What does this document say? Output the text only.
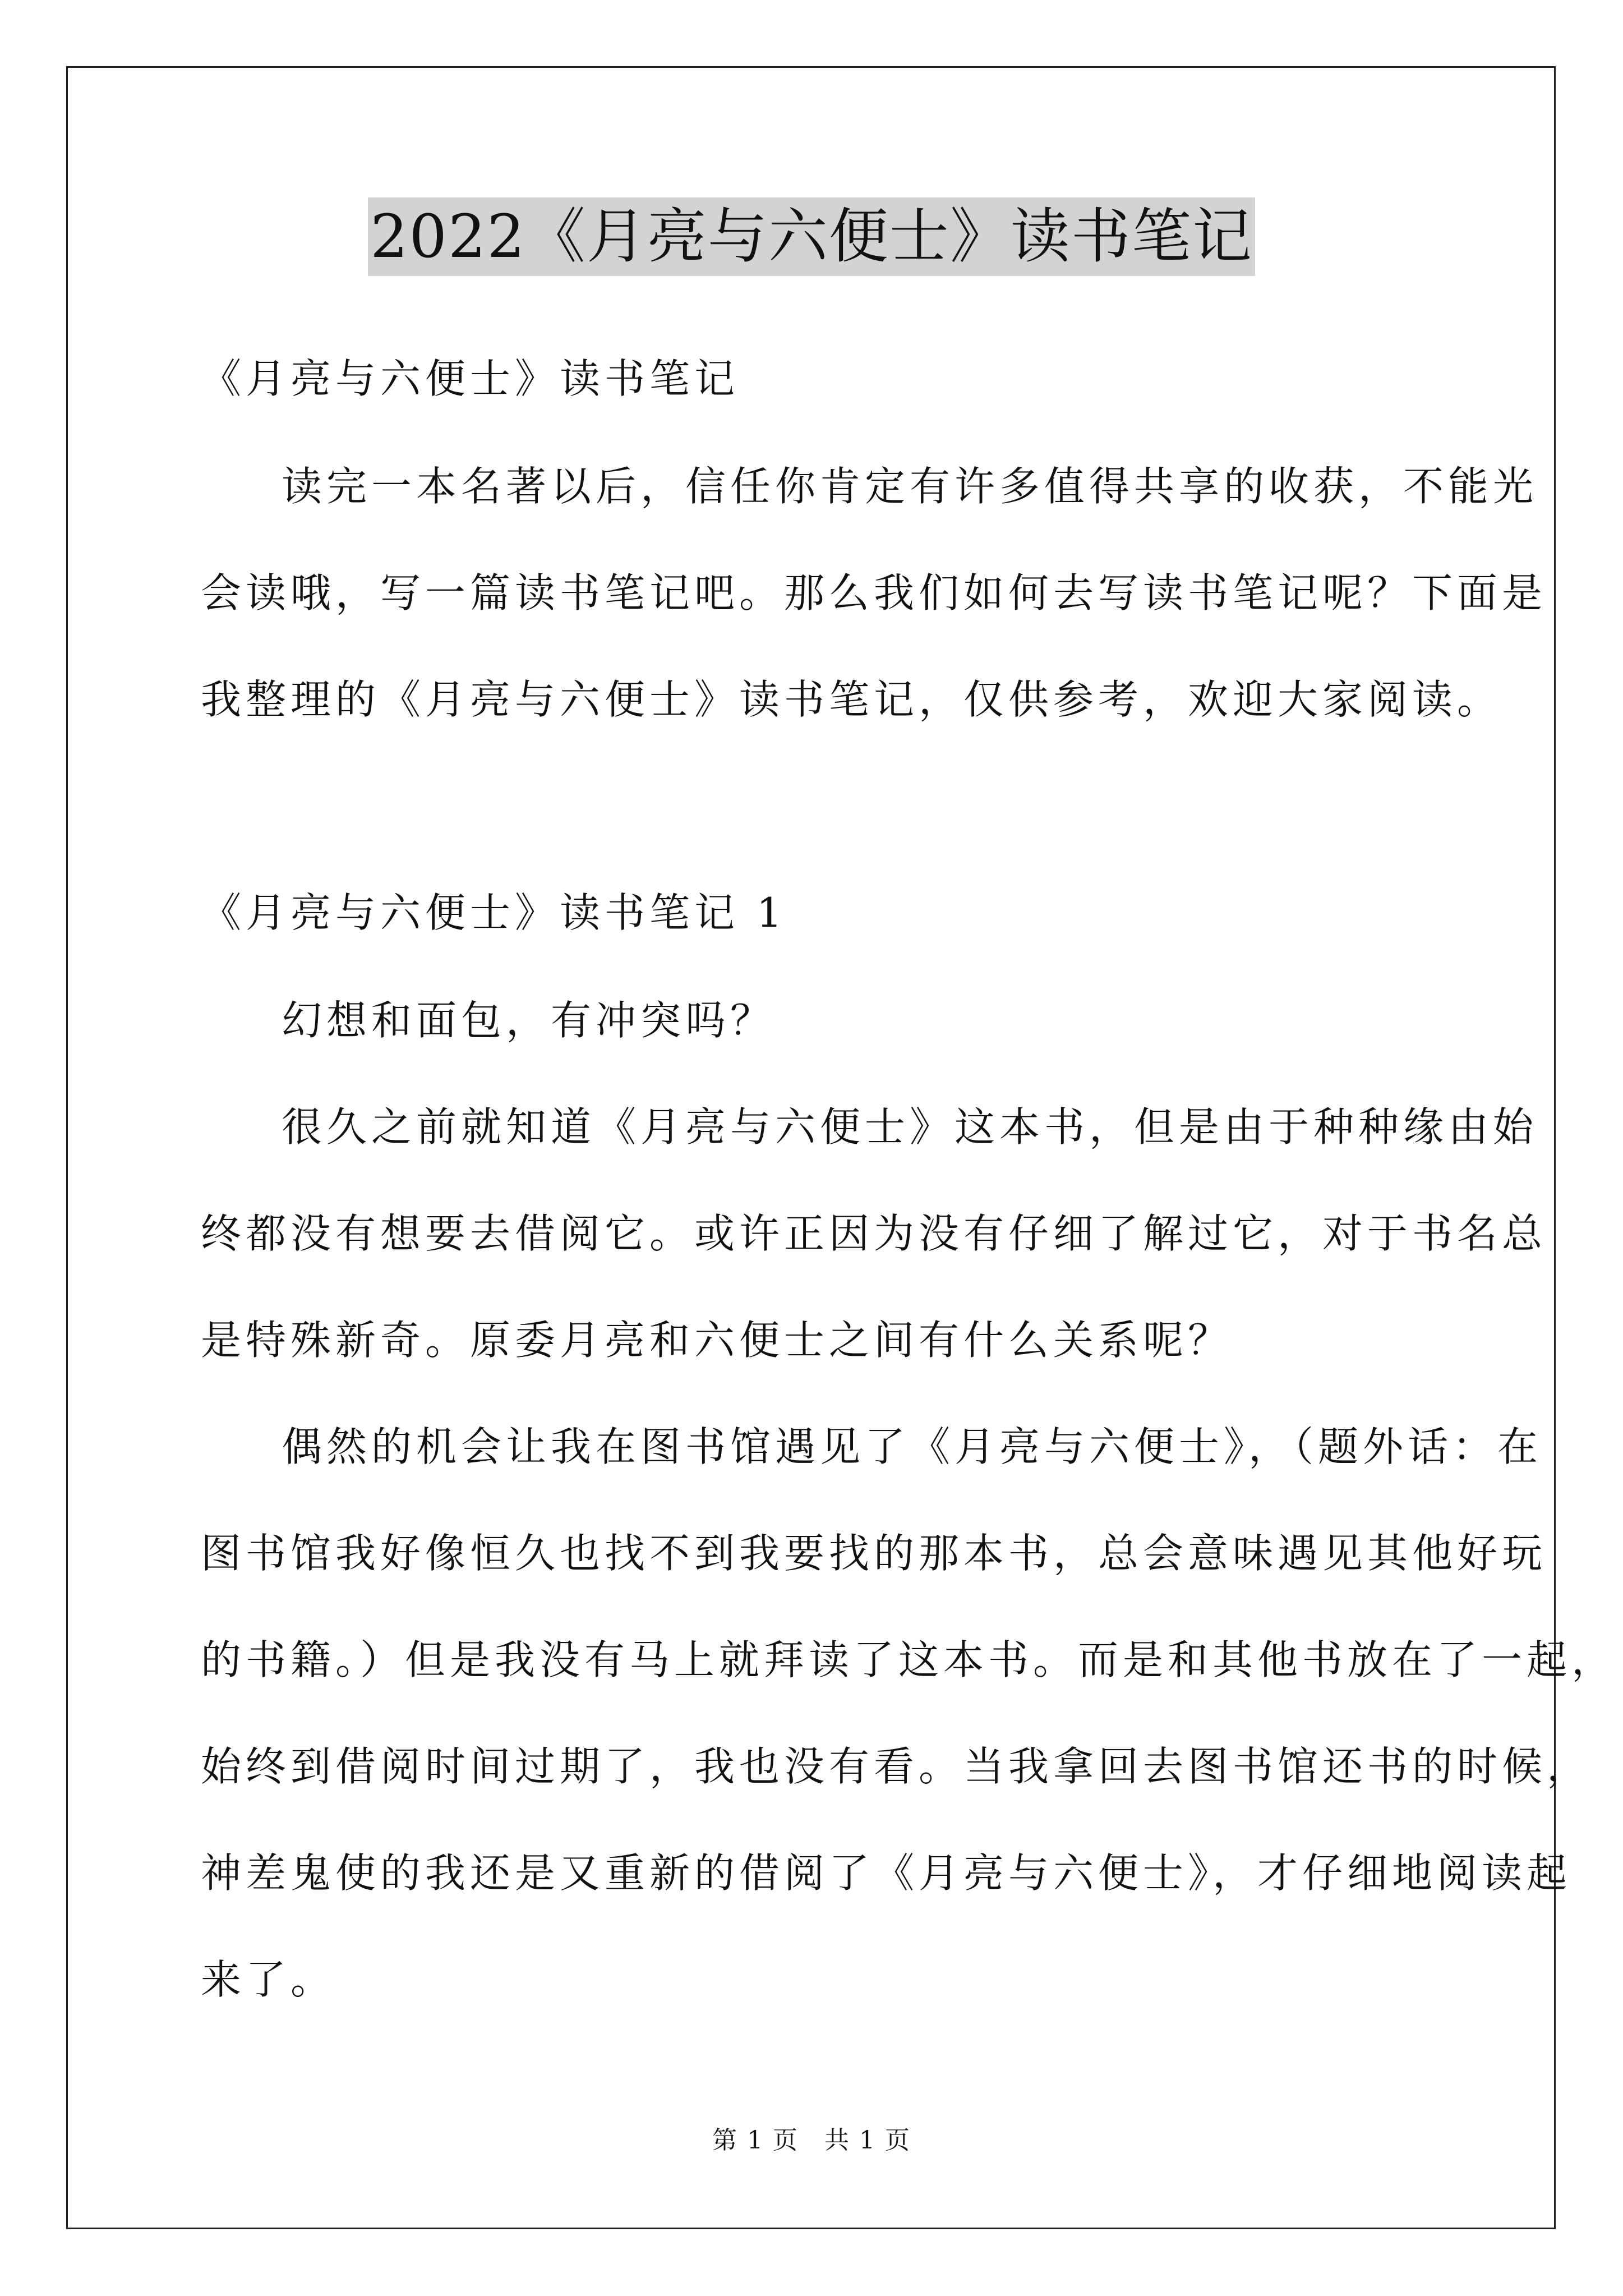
2022《月亮与六便士》读书笔记
《月亮与六便士》读书笔记
读完一本名著以后，信任你肯定有许多值得共享的收获，不能光
会读哦，写一篇读书笔记吧。那么我们如何去写读书笔记呢？下面是
我整理的《月亮与六便士》读书笔记，仅供参考，欢迎大家阅读。
《月亮与六便士》读书笔记 1
幻想和面包，有冲突吗？
很久之前就知道《月亮与六便士》这本书，但是由于种种缘由始
终都没有想要去借阅它。或许正因为没有仔细了解过它，对于书名总
是特殊新奇。原委月亮和六便士之间有什么关系呢？
偶然的机会让我在图书馆遇见了《月亮与六便士》，（题外话：在
图书馆我好像恒久也找不到我要找的那本书，总会意味遇见其他好玩
的书籍。）但是我没有马上就拜读了这本书。而是和其他书放在了一起，
始终到借阅时间过期了，我也没有看。当我拿回去图书馆还书的时候，
神差鬼使的我还是又重新的借阅了《月亮与六便士》，才仔细地阅读起
来了。
第 1 页　共 1 页
